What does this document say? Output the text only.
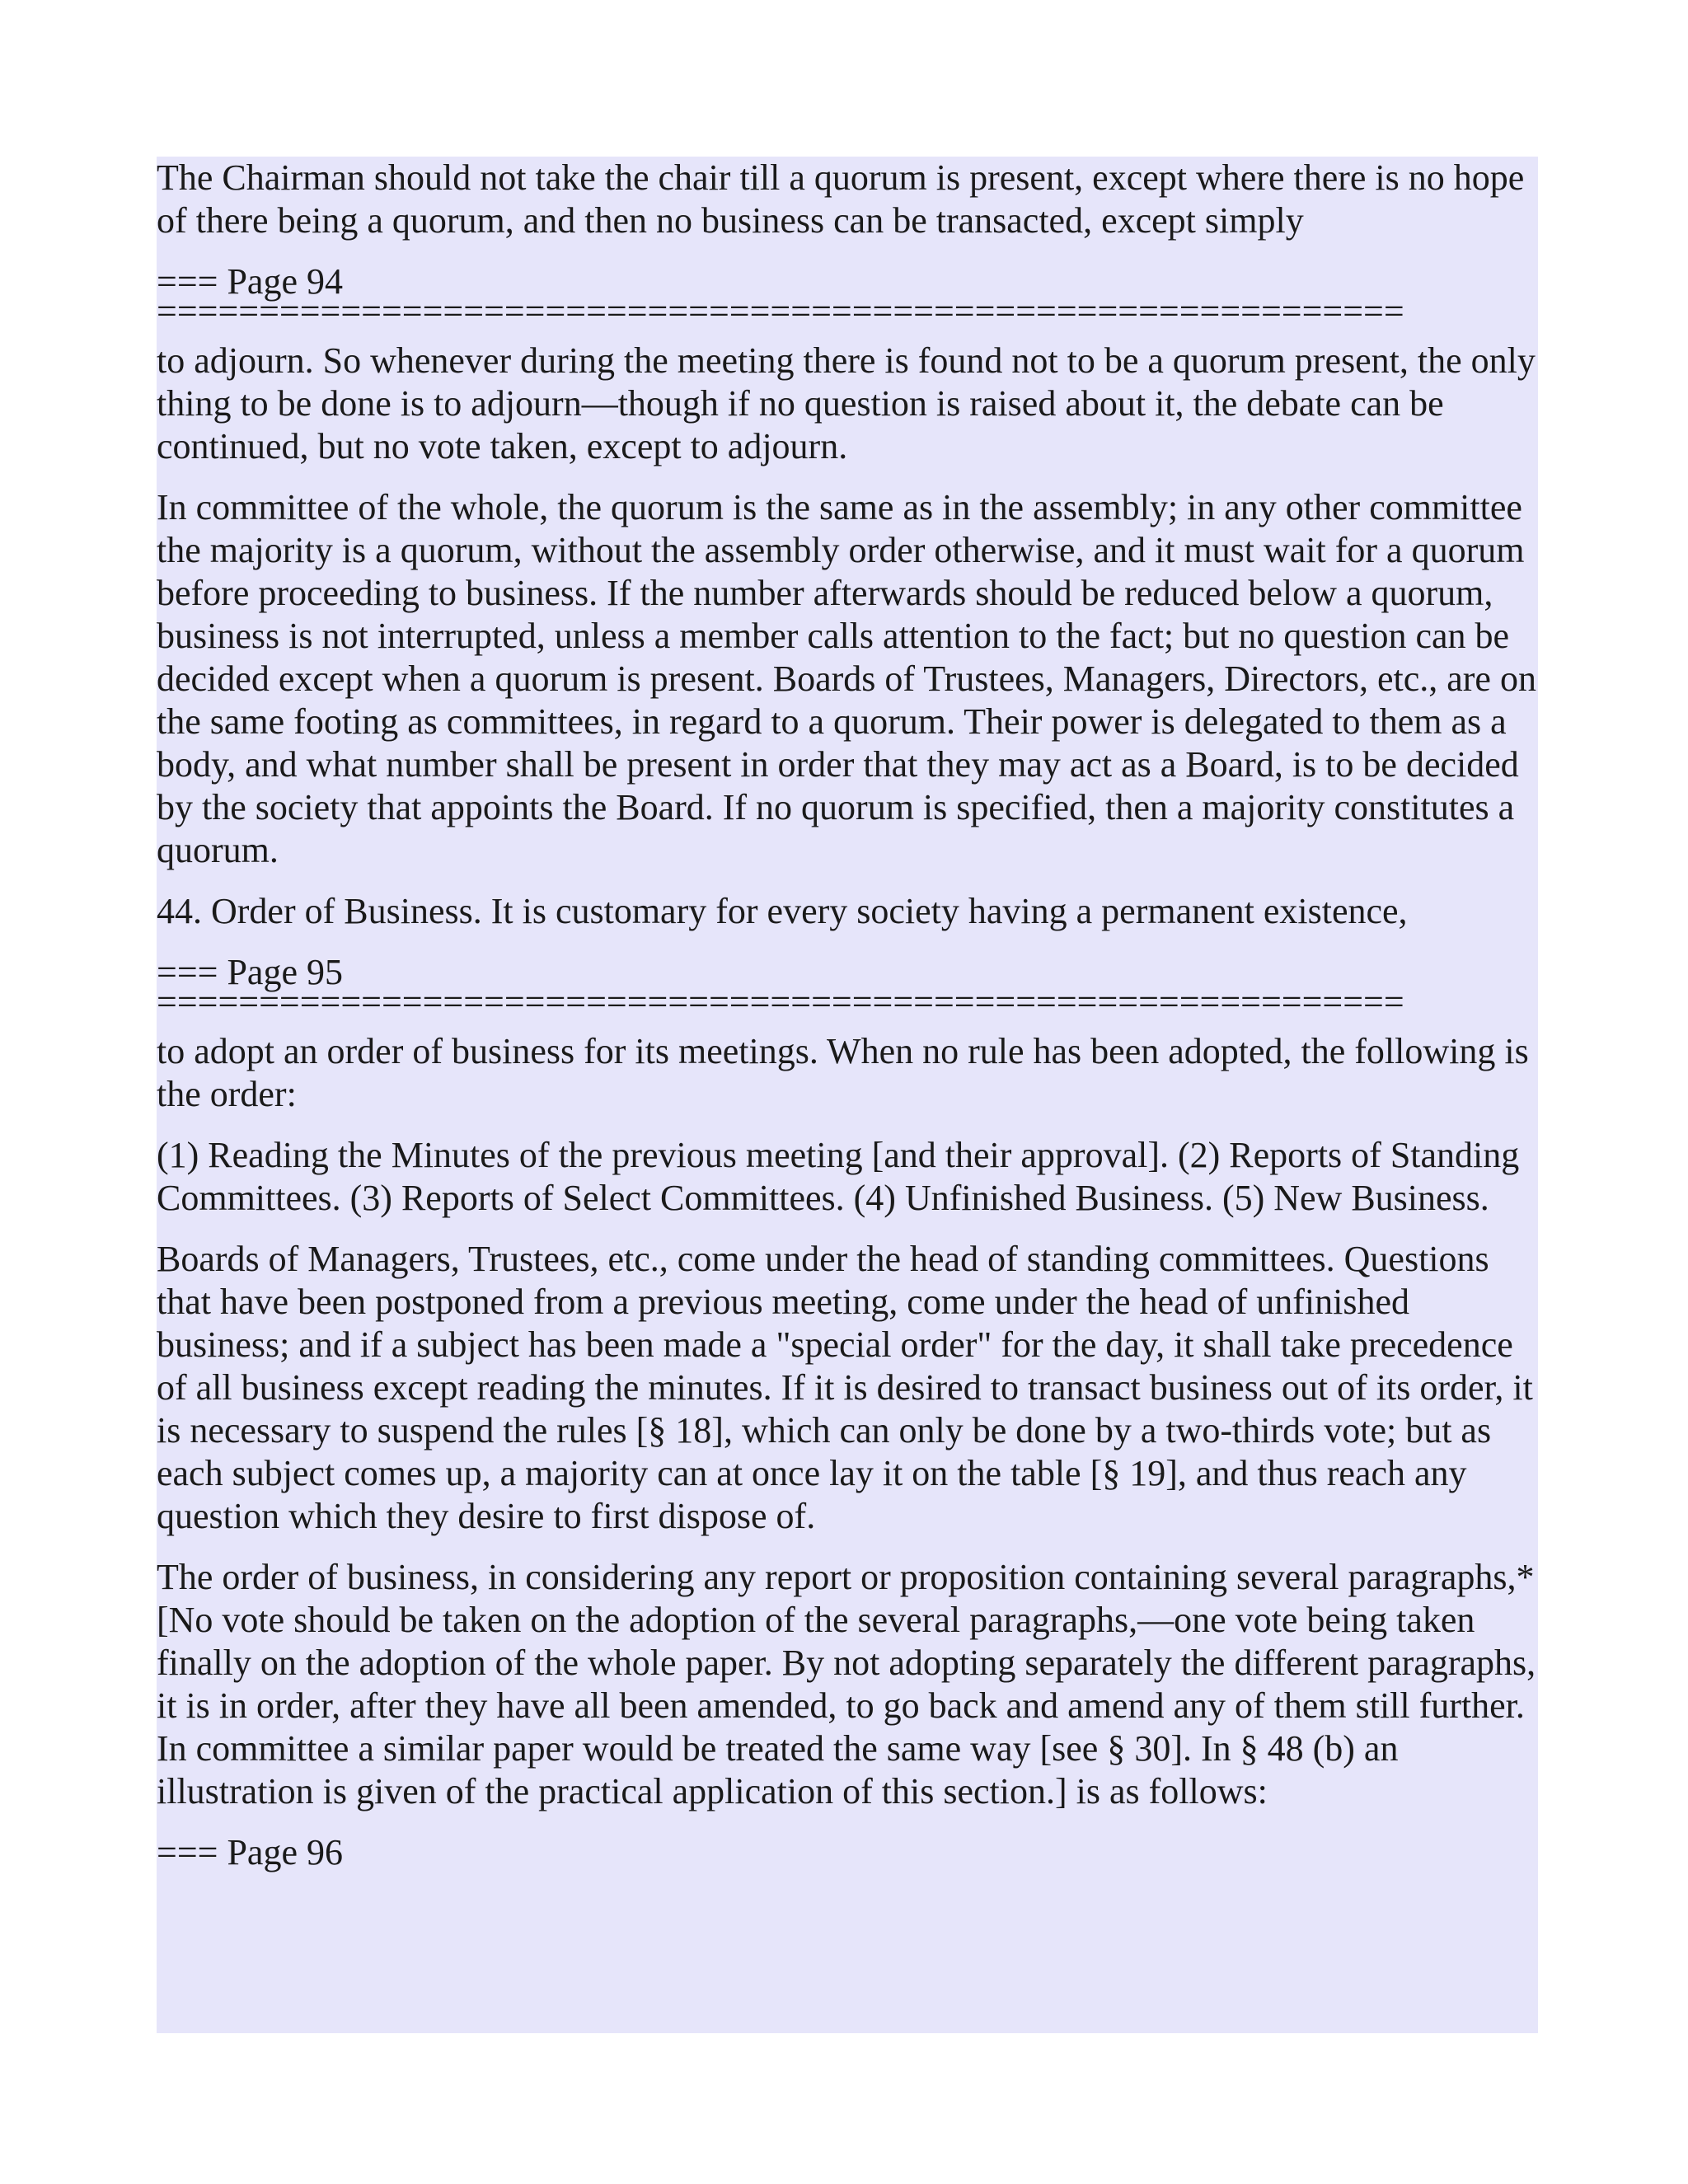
The Chairman should not take the chair till a quorum is present, except where there is no hope of there being a quorum, and then no business can be transacted, except simply

=== Page 94
=============================================================

to adjourn. So whenever during the meeting there is found not to be a quorum present, the only thing to be done is to adjourn—though if no question is raised about it, the debate can be continued, but no vote taken, except to adjourn.

In committee of the whole, the quorum is the same as in the assembly; in any other committee the majority is a quorum, without the assembly order otherwise, and it must wait for a quorum before proceeding to business. If the number afterwards should be reduced below a quorum, business is not interrupted, unless a member calls attention to the fact; but no question can be decided except when a quorum is present. Boards of Trustees, Managers, Directors, etc., are on the same footing as committees, in regard to a quorum. Their power is delegated to them as a body, and what number shall be present in order that they may act as a Board, is to be decided by the society that appoints the Board. If no quorum is specified, then a majority constitutes a quorum.

44. Order of Business. It is customary for every society having a permanent existence,

=== Page 95
=============================================================

to adopt an order of business for its meetings. When no rule has been adopted, the following is the order:

(1) Reading the Minutes of the previous meeting [and their approval]. (2) Reports of Standing Committees. (3) Reports of Select Committees. (4) Unfinished Business. (5) New Business.

Boards of Managers, Trustees, etc., come under the head of standing committees. Questions that have been postponed from a previous meeting, come under the head of unfinished business; and if a subject has been made a "special order" for the day, it shall take precedence of all business except reading the minutes. If it is desired to transact business out of its order, it is necessary to suspend the rules [§ 18], which can only be done by a two-thirds vote; but as each subject comes up, a majority can at once lay it on the table [§ 19], and thus reach any question which they desire to first dispose of.

The order of business, in considering any report or proposition containing several paragraphs,* [No vote should be taken on the adoption of the several paragraphs,—one vote being taken finally on the adoption of the whole paper. By not adopting separately the different paragraphs, it is in order, after they have all been amended, to go back and amend any of them still further. In committee a similar paper would be treated the same way [see § 30]. In § 48 (b) an illustration is given of the practical application of this section.] is as follows:

=== Page 96
